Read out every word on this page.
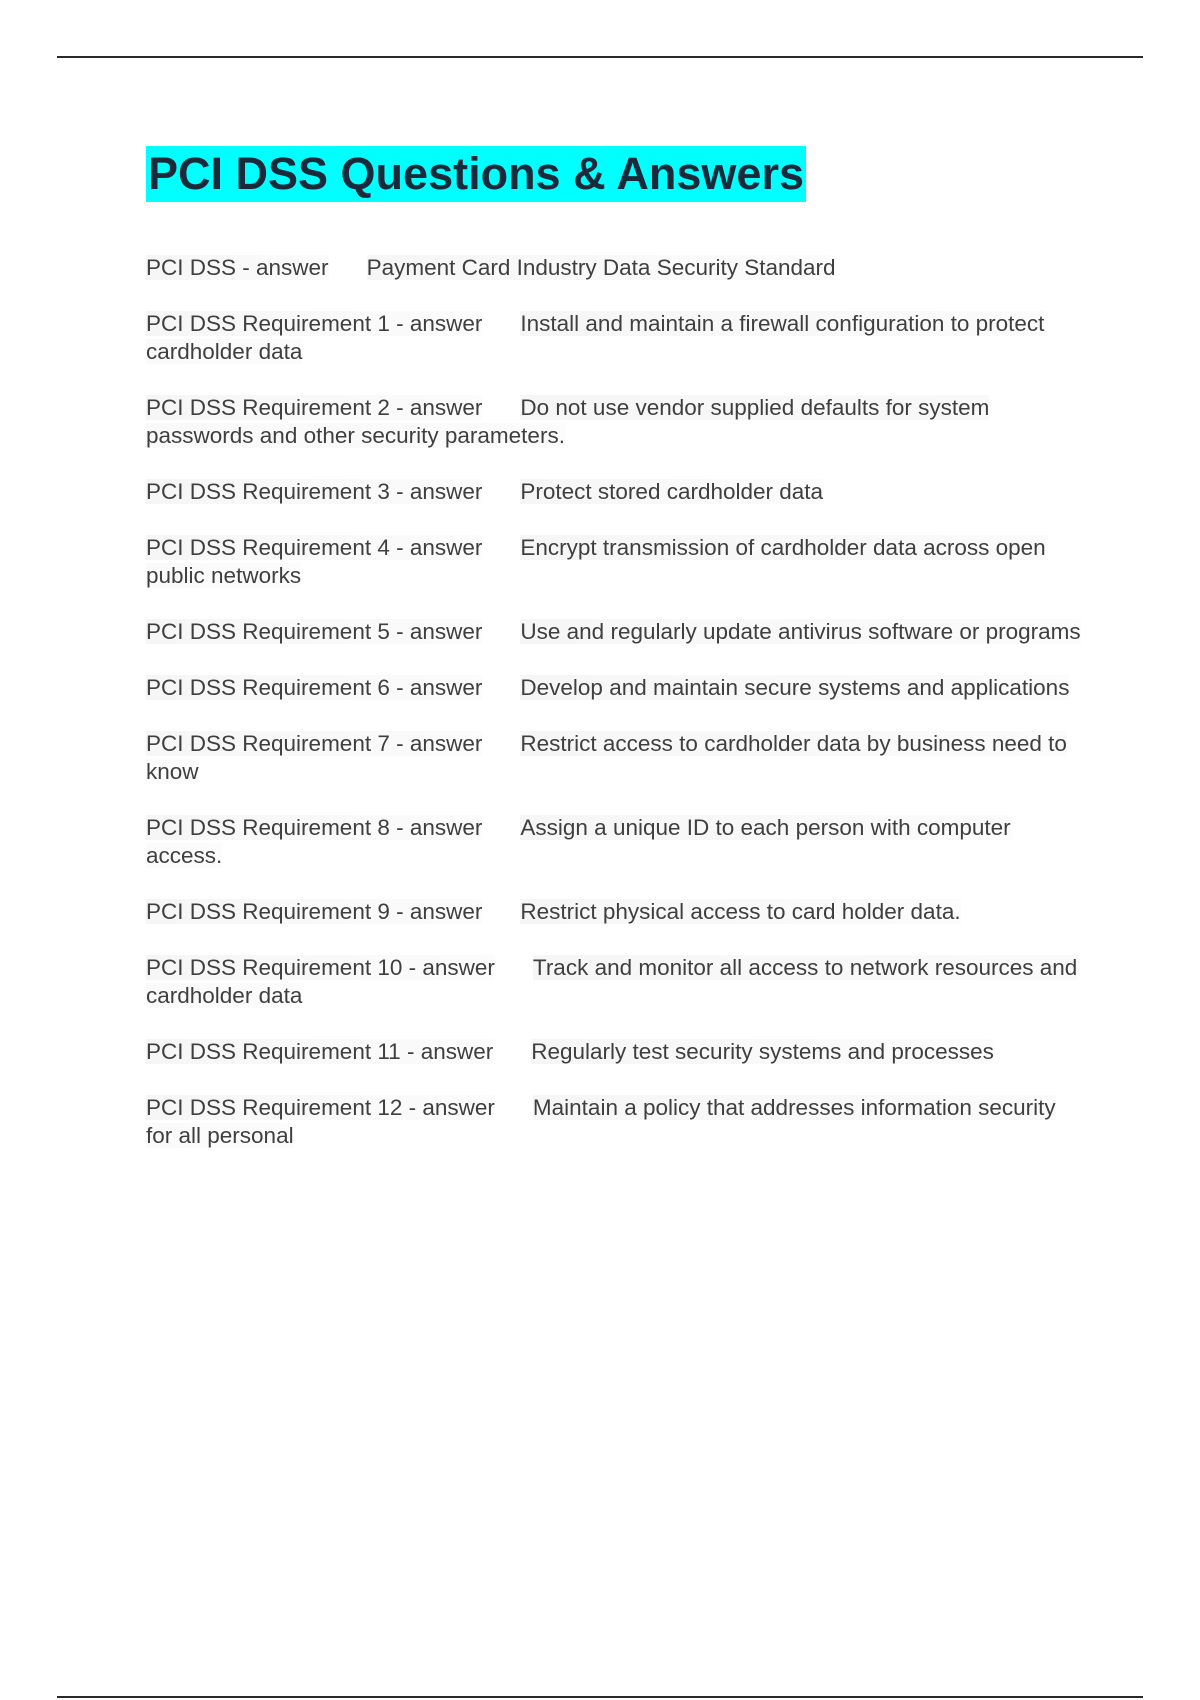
PCI DSS Questions & Answers

PCI DSS - answer Payment Card Industry Data Security Standard

PCI DSS Requirement 1 - answer Install and maintain a firewall configuration to protect cardholder data

PCI DSS Requirement 2 - answer Do not use vendor supplied defaults for system passwords and other security parameters.

PCI DSS Requirement 3 - answer Protect stored cardholder data

PCI DSS Requirement 4 - answer Encrypt transmission of cardholder data across open public networks

PCI DSS Requirement 5 - answer Use and regularly update antivirus software or programs

PCI DSS Requirement 6 - answer Develop and maintain secure systems and applications

PCI DSS Requirement 7 - answer Restrict access to cardholder data by business need to know

PCI DSS Requirement 8 - answer Assign a unique ID to each person with computer access.

PCI DSS Requirement 9 - answer Restrict physical access to card holder data.

PCI DSS Requirement 10 - answer Track and monitor all access to network resources and cardholder data

PCI DSS Requirement 11 - answer Regularly test security systems and processes

PCI DSS Requirement 12 - answer Maintain a policy that addresses information security for all personal
